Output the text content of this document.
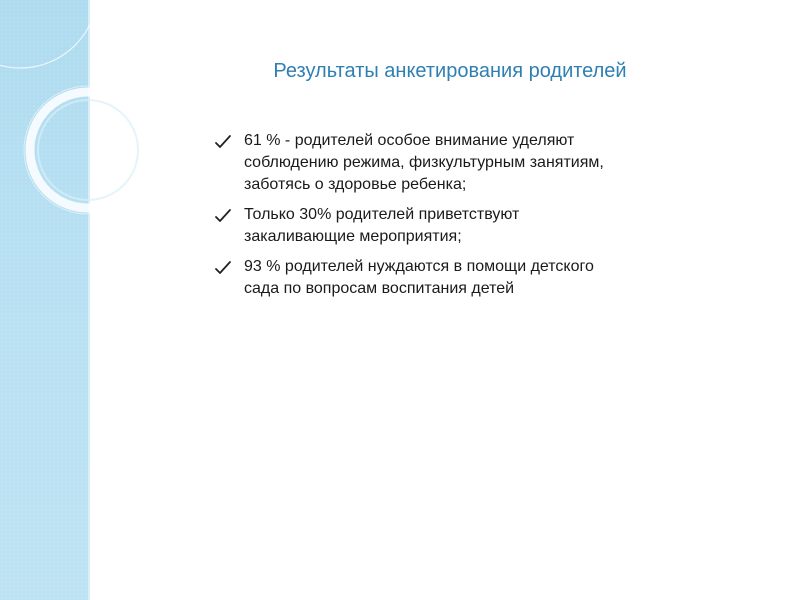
Результаты анкетирования родителей
61 % - родителей особое внимание уделяют соблюдению режима, физкультурным занятиям, заботясь о здоровье ребенка;
Только 30% родителей приветствуют закаливающие мероприятия;
93 % родителей нуждаются в помощи детского сада по вопросам воспитания детей
